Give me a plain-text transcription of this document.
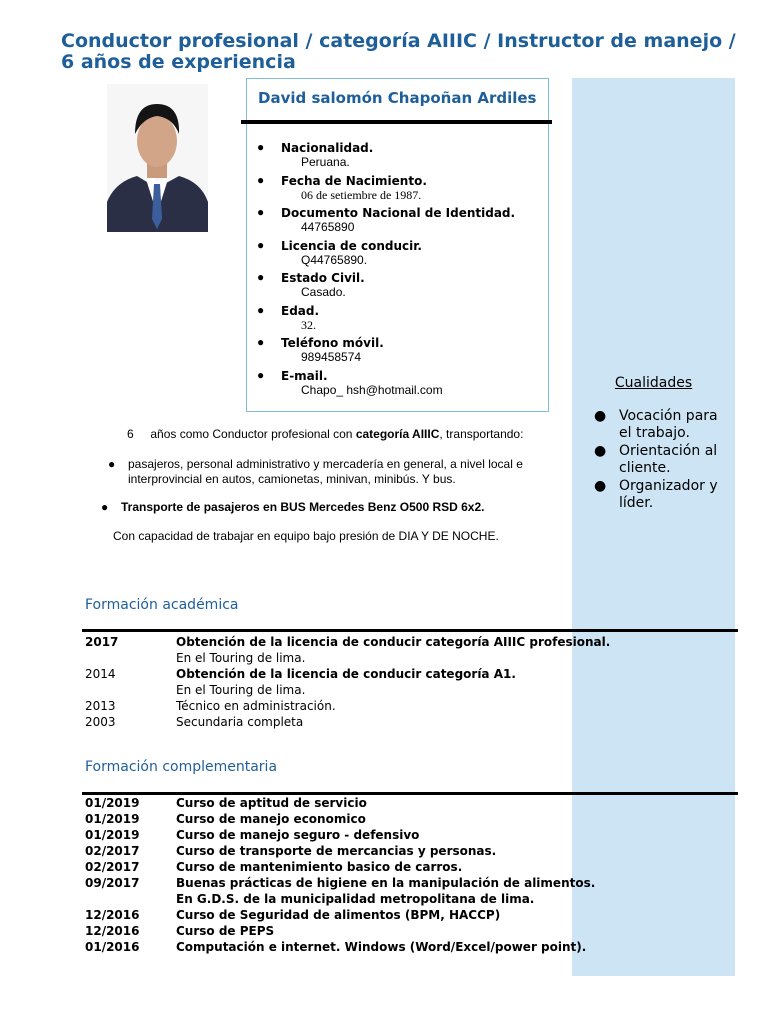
Conductor profesional / categoría AIIIC / Instructor de manejo / 6 años de experiencia
David salomón Chapoñan Ardiles
● Nacionalidad.
Peruana.
● Fecha de Nacimiento.
06 de setiembre de 1987.
● Documento Nacional de Identidad.
44765890
● Licencia de conducir.
Q44765890.
● Estado Civil.
Casado.
● Edad.
32.
● Teléfono móvil.
989458574
● E-mail.
Chapo_ hsh@hotmail.com	Cualidades
● Vocación para el trabajo.
● Orientación al cliente.
● Organizador y líder.
6 años como Conductor profesional con categoría AIIIC, transportando:
● pasajeros, personal administrativo y mercadería en general, a nivel local e interprovincial en autos, camionetas, minivan, minibús. Y bus.
● Transporte de pasajeros en BUS Mercedes Benz O500 RSD 6x2.
Con capacidad de trabajar en equipo bajo presión de DIA Y DE NOCHE.
Formación académica
2017	Obtención de la licencia de conducir categoría AIIIC profesional.
En el Touring de lima.
2014	Obtención de la licencia de conducir categoría A1.
En el Touring de lima.
2013	Técnico en administración.
2003	Secundaria completa
Formación complementaria
01/2019	Curso de aptitud de servicio
01/2019	Curso de manejo economico
01/2019	Curso de manejo seguro - defensivo
02/2017	Curso de transporte de mercancias y personas.
02/2017	Curso de mantenimiento basico de carros.
09/2017	Buenas prácticas de higiene en la manipulación de alimentos.
En G.D.S. de la municipalidad metropolitana de lima.
12/2016	Curso de Seguridad de alimentos (BPM, HACCP)
12/2016	Curso de PEPS
01/2016	Computación e internet. Windows (Word/Excel/power point).
